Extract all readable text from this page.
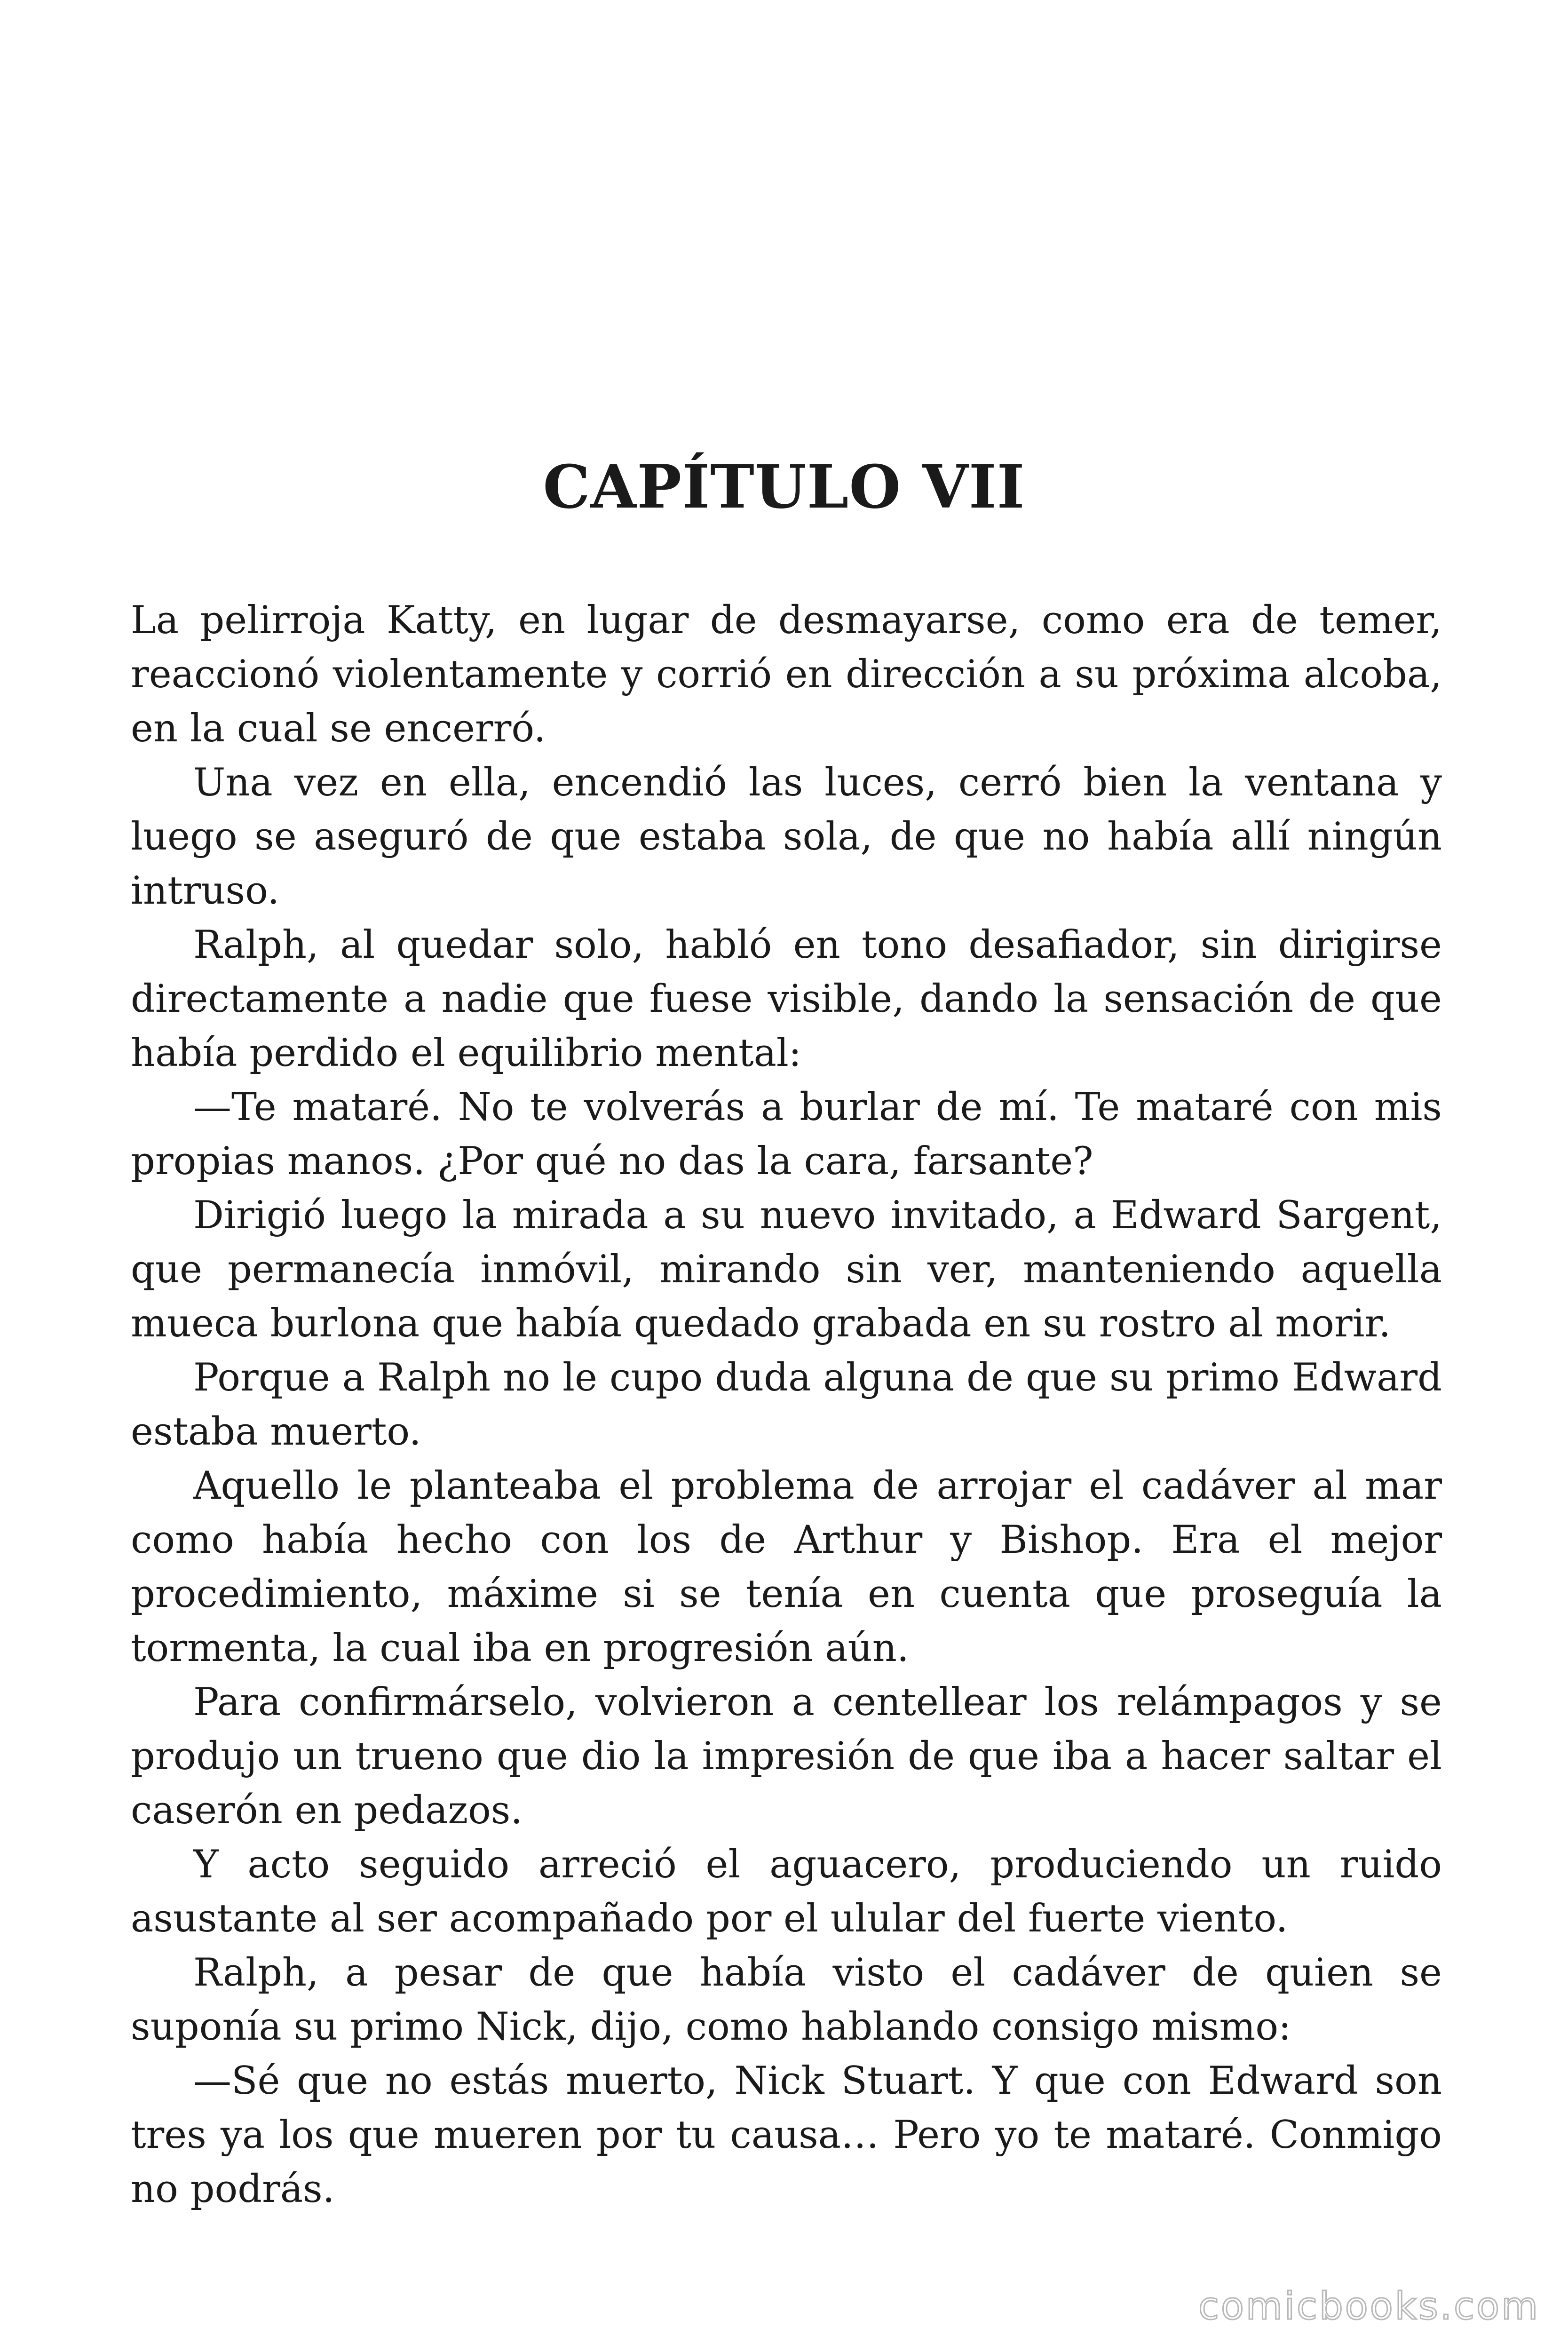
CAPÍTULO VII

La pelirroja Katty, en lugar de desmayarse, como era de temer, reaccionó violentamente y corrió en dirección a su próxima alcoba, en la cual se encerró.

Una vez en ella, encendió las luces, cerró bien la ventana y luego se aseguró de que estaba sola, de que no había allí ningún intruso.

Ralph, al quedar solo, habló en tono desafiador, sin dirigirse directamente a nadie que fuese visible, dando la sensación de que había perdido el equilibrio mental:

—Te mataré. No te volverás a burlar de mí. Te mataré con mis propias manos. ¿Por qué no das la cara, farsante?

Dirigió luego la mirada a su nuevo invitado, a Edward Sargent, que permanecía inmóvil, mirando sin ver, manteniendo aquella mueca burlona que había quedado grabada en su rostro al morir.

Porque a Ralph no le cupo duda alguna de que su primo Edward estaba muerto.

Aquello le planteaba el problema de arrojar el cadáver al mar como había hecho con los de Arthur y Bishop. Era el mejor procedimiento, máxime si se tenía en cuenta que proseguía la tormenta, la cual iba en progresión aún.

Para confirmárselo, volvieron a centellear los relámpagos y se produjo un trueno que dio la impresión de que iba a hacer saltar el caserón en pedazos.

Y acto seguido arreció el aguacero, produciendo un ruido asustante al ser acompañado por el ulular del fuerte viento.

Ralph, a pesar de que había visto el cadáver de quien se suponía su primo Nick, dijo, como hablando consigo mismo:

—Sé que no estás muerto, Nick Stuart. Y que con Edward son tres ya los que mueren por tu causa… Pero yo te mataré. Conmigo no podrás.

comicbooks.com
